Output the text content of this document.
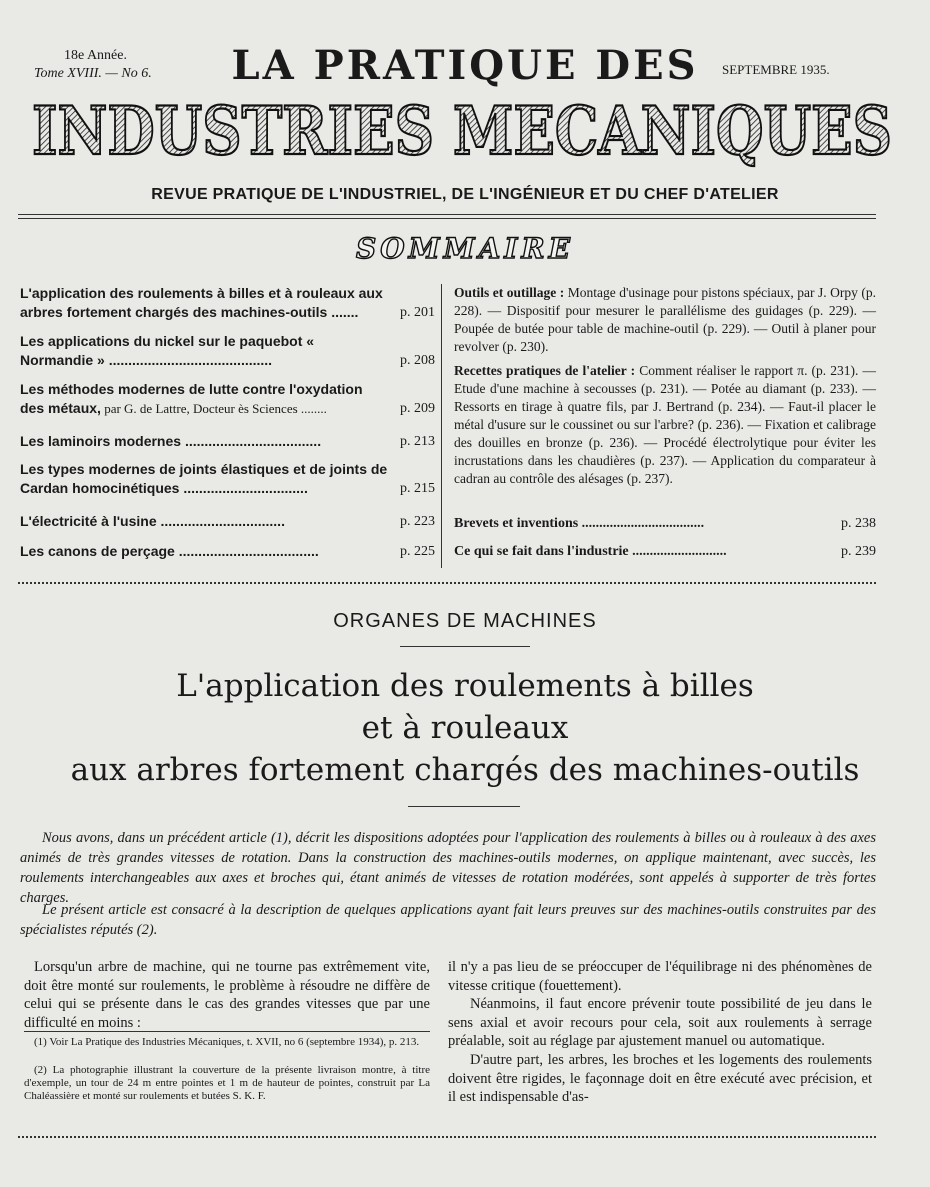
18e Année.
Tome XVIII. — No 6.	SEPTEMBRE 1935.
LA PRATIQUE DES
INDUSTRIES MECANIQUES
REVUE PRATIQUE DE L'INDUSTRIEL, DE L'INGÉNIEUR ET DU CHEF D'ATELIER
SOMMAIRE
L'application des roulements à billes et à rouleaux aux arbres fortement chargés des machines-outils .......	p. 201
Les applications du nickel sur le paquebot « Normandie » ..........................................	p. 208
Les méthodes modernes de lutte contre l'oxydation des métaux, par G. de Lattre, Docteur ès Sciences ........	p. 209
Les laminoirs modernes ...................................	p. 213
Les types modernes de joints élastiques et de joints de Cardan homocinétiques ................................	p. 215
L'électricité à l'usine ................................	p. 223
Les canons de perçage ....................................	p. 225
Outils et outillage : Montage d'usinage pour pistons spéciaux, par J. Orpy (p. 228). — Dispositif pour mesurer le parallélisme des guidages (p. 229). — Poupée de butée pour table de machine-outil (p. 229). — Outil à planer pour revolver (p. 230).
Recettes pratiques de l'atelier : Comment réaliser le rapport π. (p. 231). — Etude d'une machine à secousses (p. 231). — Potée au diamant (p. 233). — Ressorts en tirage à quatre fils, par J. Bertrand (p. 234). — Faut-il placer le métal d'usure sur le coussinet ou sur l'arbre? (p. 236). — Fixation et calibrage des douilles en bronze (p. 236). — Procédé électrolytique pour éviter les incrustations dans les chaudières (p. 237). — Application du comparateur à cadran au contrôle des alésages (p. 237).
Brevets et inventions ...................................	p. 238
Ce qui se fait dans l'industrie ...........................	p. 239
ORGANES DE MACHINES
L'application des roulements à billes
et à rouleaux
aux arbres fortement chargés des machines-outils
Nous avons, dans un précédent article (1), décrit les dispositions adoptées pour l'application des roulements à billes ou à rouleaux à des axes animés de très grandes vitesses de rotation. Dans la construction des machines-outils modernes, on applique maintenant, avec succès, les roulements interchangeables aux axes et broches qui, étant animés de vitesses de rotation modérées, sont appelés à supporter de très fortes charges.
Le présent article est consacré à la description de quelques applications ayant fait leurs preuves sur des machines-outils construites par des spécialistes réputés (2).
Lorsqu'un arbre de machine, qui ne tourne pas extrêmement vite, doit être monté sur roulements, le problème à résoudre ne diffère de celui qui se présente dans le cas des grandes vitesses que par une difficulté en moins :
(1) Voir La Pratique des Industries Mécaniques, t. XVII, no 6 (septembre 1934), p. 213.
(2) La photographie illustrant la couverture de la présente livraison montre, à titre d'exemple, un tour de 24 m entre pointes et 1 m de hauteur de pointes, construit par La Chaléassière et monté sur roulements et butées S. K. F.
il n'y a pas lieu de se préoccuper de l'équilibrage ni des phénomènes de vitesse critique (fouettement).
Néanmoins, il faut encore prévenir toute possibilité de jeu dans le sens axial et avoir recours pour cela, soit aux roulements à serrage préalable, soit au réglage par ajustement manuel ou automatique.
D'autre part, les arbres, les broches et les logements des roulements doivent être rigides, le façonnage doit en être exécuté avec précision, et il est indispensable d'as-
